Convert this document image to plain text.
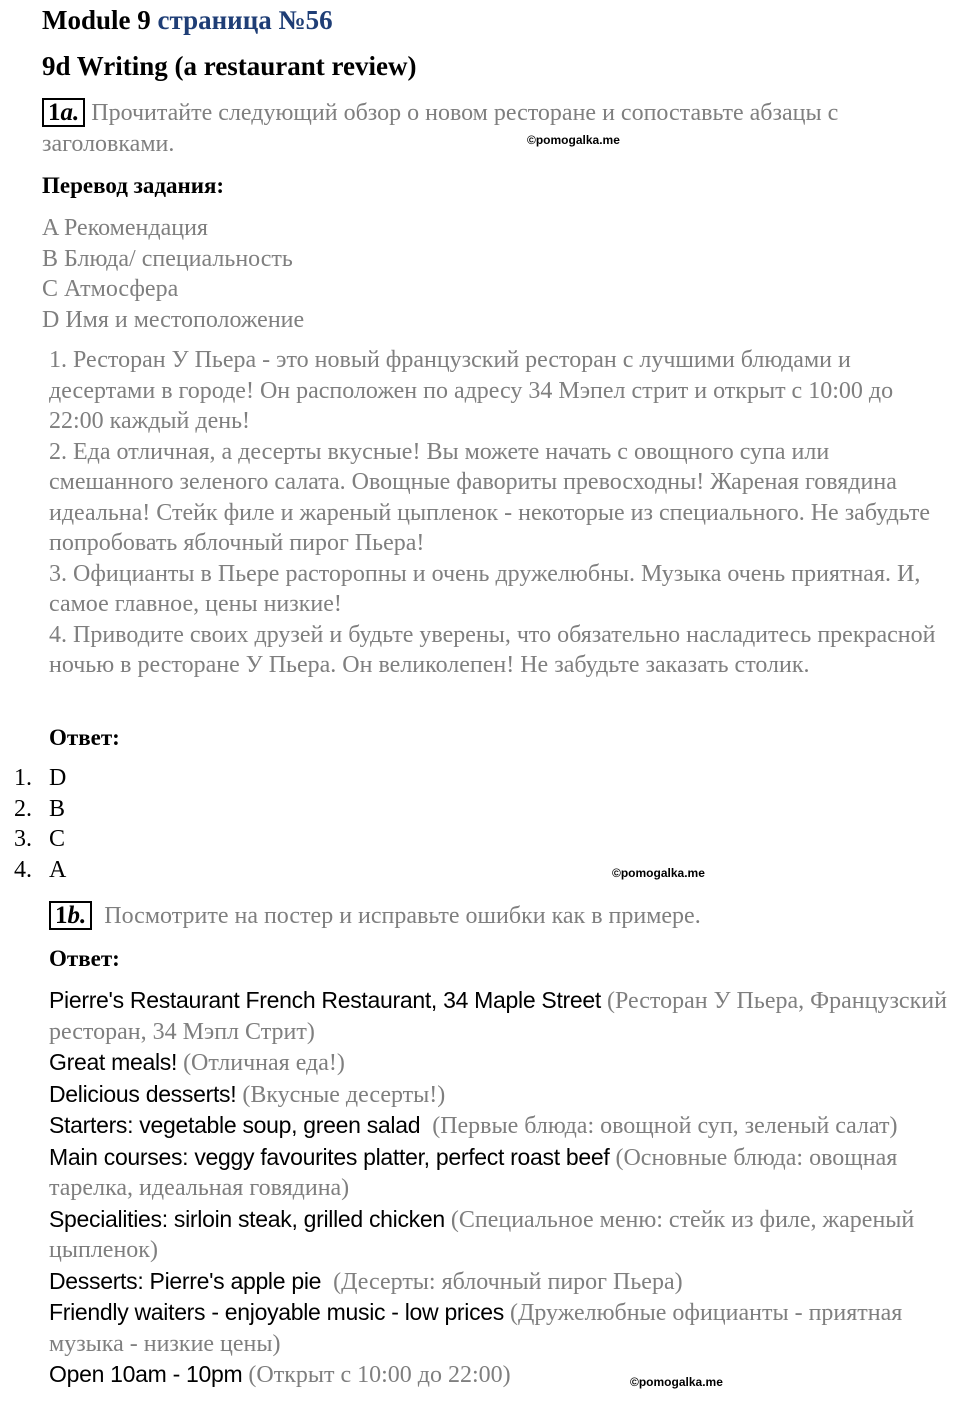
Module 9 страница №56
9d Writing (a restaurant review)
1a. Прочитайте следующий обзор о новом ресторане и сопоставьте абзацы с заголовками.	©pomogalka.me
Перевод задания:
A Рекомендация
B Блюда/ специальность
C Атмосфера
D Имя и местоположение
1. Ресторан У Пьера - это новый французский ресторан с лучшими блюдами и десертами в городе! Он расположен по адресу 34 Мэпел стрит и открыт с 10:00 до 22:00 каждый день!
2. Еда отличная, а десерты вкусные! Вы можете начать с овощного супа или смешанного зеленого салата. Овощные фавориты превосходны! Жареная говядина идеальна! Стейк филе и жареный цыпленок - некоторые из специального. Не забудьте попробовать яблочный пирог Пьера!
3. Официанты в Пьере расторопны и очень дружелюбны. Музыка очень приятная. И, самое главное, цены низкие!
4. Приводите своих друзей и будьте уверены, что обязательно насладитесь прекрасной ночью в ресторане У Пьера. Он великолепен! Не забудьте заказать столик.
Ответ:
1. D
2. B
3. C
4. A	©pomogalka.me
1b. Посмотрите на постер и исправьте ошибки как в примере.
Ответ:
Pierre's Restaurant French Restaurant, 34 Maple Street (Ресторан У Пьера, Французский ресторан, 34 Мэпл Стрит)
Great meals! (Отличная еда!)
Delicious desserts! (Вкусные десерты!)
Starters: vegetable soup, green salad (Первые блюда: овощной суп, зеленый салат)
Main courses: veggy favourites platter, perfect roast beef (Основные блюда: овощная тарелка, идеальная говядина)
Specialities: sirloin steak, grilled chicken (Специальное меню: стейк из филе, жареный цыпленок)
Desserts: Pierre's apple pie (Десерты: яблочный пирог Пьера)
Friendly waiters - enjoyable music - low prices (Дружелюбные официанты - приятная музыка - низкие цены)
Open 10am - 10pm (Открыт с 10:00 до 22:00)	©pomogalka.me
